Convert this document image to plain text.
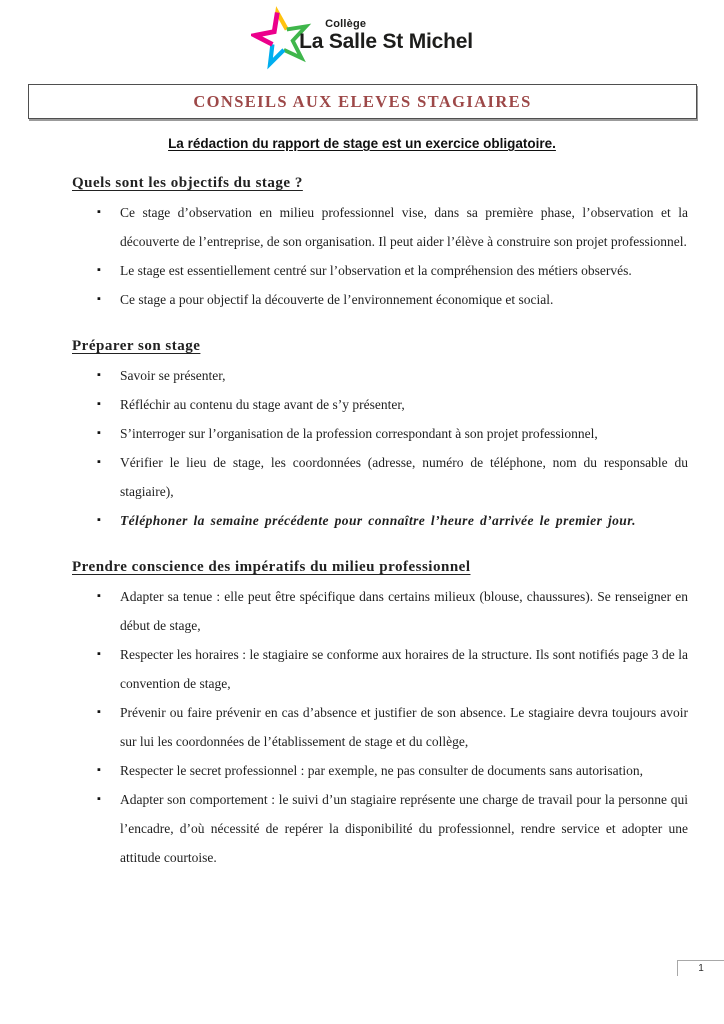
Collège
La Salle St Michel
CONSEILS AUX ELEVES STAGIAIRES

La rédaction du rapport de stage est un exercice obligatoire.

Quels sont les objectifs du stage ?
▪ Ce stage d’observation en milieu professionnel vise, dans sa première phase, l’observation et la découverte de l’entreprise, de son organisation. Il peut aider l’élève à construire son projet professionnel.
▪ Le stage est essentiellement centré sur l’observation et la compréhension des métiers observés.
▪ Ce stage a pour objectif la découverte de l’environnement économique et social.
Préparer son stage
▪ Savoir se présenter,
▪ Réfléchir au contenu du stage avant de s’y présenter,
▪ S’interroger sur l’organisation de la profession correspondant à son projet professionnel,
▪ Vérifier le lieu de stage, les coordonnées (adresse, numéro de téléphone, nom du responsable du stagiaire),
▪ Téléphoner la semaine précédente pour connaître l’heure d’arrivée le premier jour.
Prendre conscience des impératifs du milieu professionnel
▪ Adapter sa tenue : elle peut être spécifique dans certains milieux (blouse, chaussures). Se renseigner en début de stage,
▪ Respecter les horaires : le stagiaire se conforme aux horaires de la structure. Ils sont notifiés page 3 de la convention de stage,
▪ Prévenir ou faire prévenir en cas d’absence et justifier de son absence. Le stagiaire devra toujours avoir sur lui les coordonnées de l’établissement de stage et du collège,
▪ Respecter le secret professionnel : par exemple, ne pas consulter de documents sans autorisation,
▪ Adapter son comportement : le suivi d’un stagiaire représente une charge de travail pour la personne qui l’encadre, d’où nécessité de repérer la disponibilité du professionnel, rendre service et adopter une attitude courtoise.
1
